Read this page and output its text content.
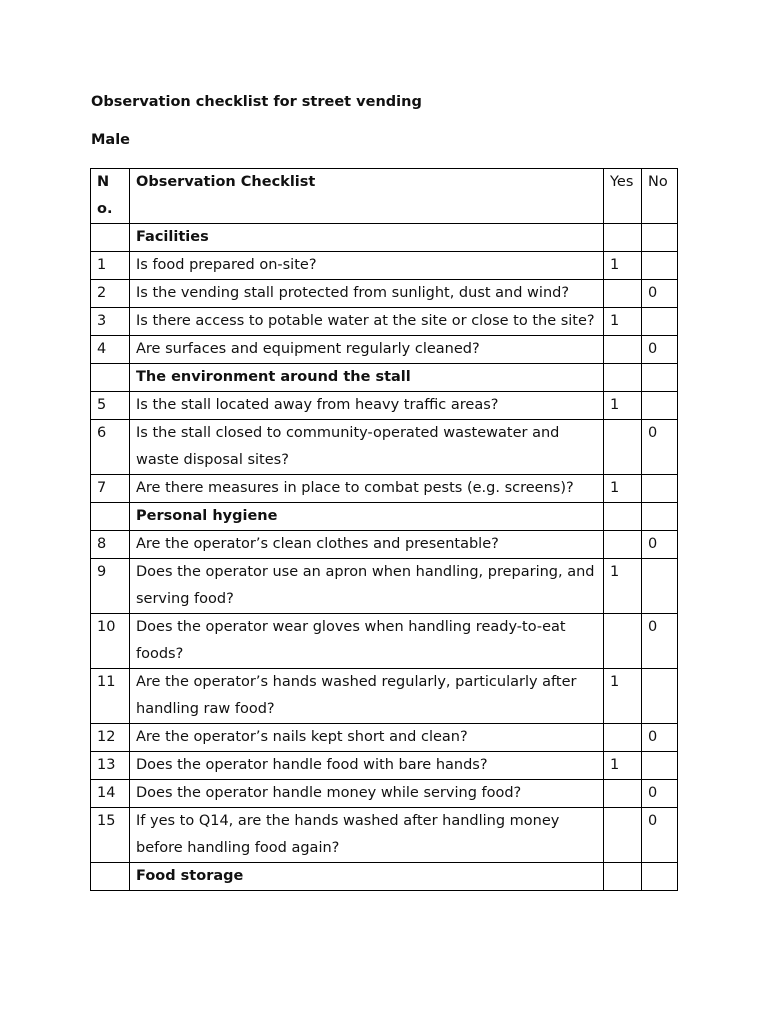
Observation checklist for street vending

Male

No.	Observation Checklist	Yes	No
	Facilities		
1	Is food prepared on-site?	1	
2	Is the vending stall protected from sunlight, dust and wind?		0
3	Is there access to potable water at the site or close to the site?	1	
4	Are surfaces and equipment regularly cleaned?		0
	The environment around the stall		
5	Is the stall located away from heavy traffic areas?	1	
6	Is the stall closed to community-operated wastewater and waste disposal sites?		0
7	Are there measures in place to combat pests (e.g. screens)?	1	
	Personal hygiene		
8	Are the operator’s clean clothes and presentable?		0
9	Does the operator use an apron when handling, preparing, and serving food?	1	
10	Does the operator wear gloves when handling ready-to-eat foods?		0
11	Are the operator’s hands washed regularly, particularly after handling raw food?	1	
12	Are the operator’s nails kept short and clean?		0
13	Does the operator handle food with bare hands?	1	
14	Does the operator handle money while serving food?		0
15	If yes to Q14, are the hands washed after handling money before handling food again?		0
	Food storage		
